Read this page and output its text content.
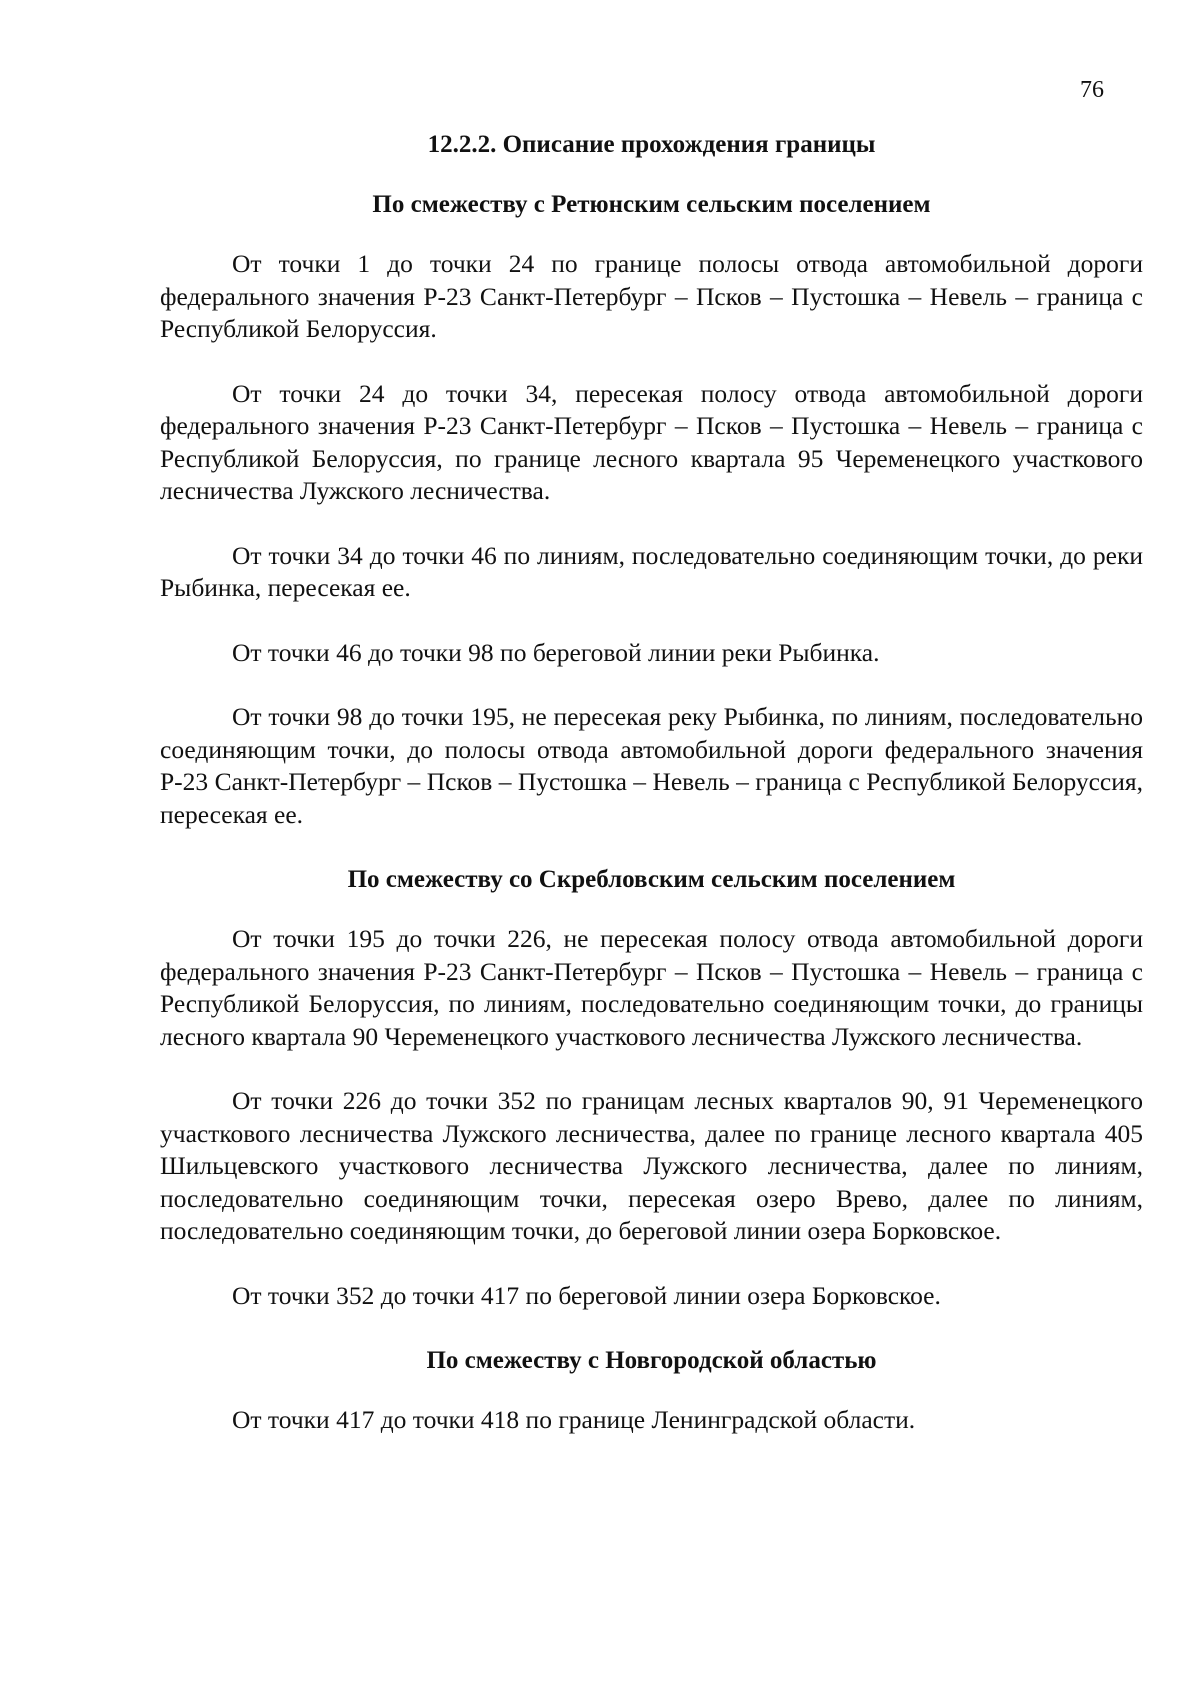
76
12.2.2. Описание прохождения границы
По смежеству с Ретюнским сельским поселением

От точки 1 до точки 24 по границе полосы отвода автомобильной дороги федерального значения Р-23 Санкт-Петербург – Псков – Пустошка – Невель – граница с Республикой Белоруссия.

От точки 24 до точки 34, пересекая полосу отвода автомобильной дороги федерального значения Р-23 Санкт-Петербург – Псков – Пустошка – Невель – граница с Республикой Белоруссия, по границе лесного квартала 95 Череменецкого участкового лесничества Лужского лесничества.

От точки 34 до точки 46 по линиям, последовательно соединяющим точки, до реки Рыбинка, пересекая ее.

От точки 46 до точки 98 по береговой линии реки Рыбинка.

От точки 98 до точки 195, не пересекая реку Рыбинка, по линиям, последовательно соединяющим точки, до полосы отвода автомобильной дороги федерального значения Р-23 Санкт-Петербург – Псков – Пустошка – Невель – граница с Республикой Белоруссия, пересекая ее.

По смежеству со Скребловским сельским поселением

От точки 195 до точки 226, не пересекая полосу отвода автомобильной дороги федерального значения Р-23 Санкт-Петербург – Псков – Пустошка – Невель – граница с Республикой Белоруссия, по линиям, последовательно соединяющим точки, до границы лесного квартала 90 Череменецкого участкового лесничества Лужского лесничества.

От точки 226 до точки 352 по границам лесных кварталов 90, 91 Череменецкого участкового лесничества Лужского лесничества, далее по границе лесного квартала 405 Шильцевского участкового лесничества Лужского лесничества, далее по линиям, последовательно соединяющим точки, пересекая озеро Врево, далее по линиям, последовательно соединяющим точки, до береговой линии озера Борковское.

От точки 352 до точки 417 по береговой линии озера Борковское.

По смежеству с Новгородской областью

От точки 417 до точки 418 по границе Ленинградской области.
